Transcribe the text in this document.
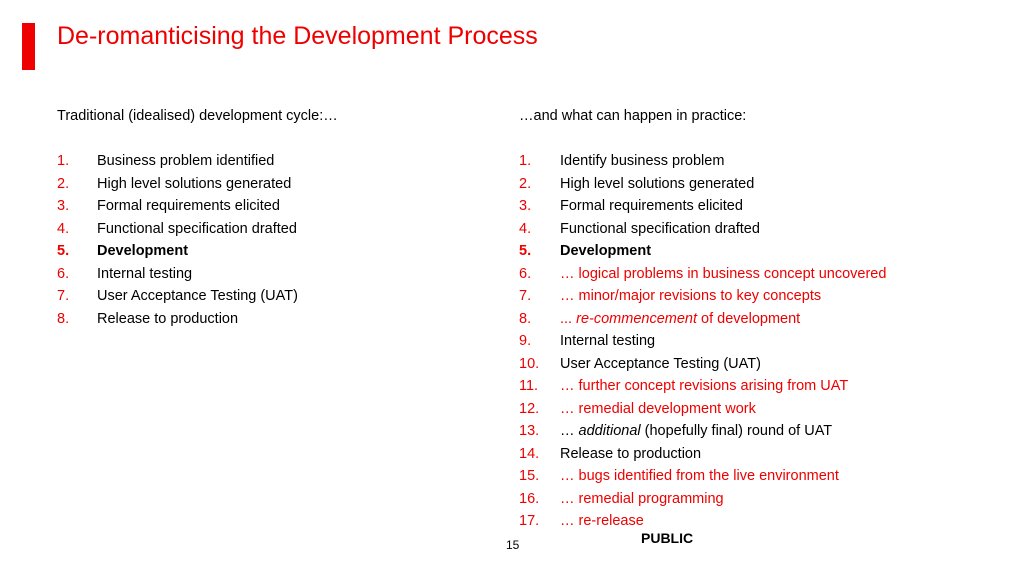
De-romanticising the Development Process
Traditional (idealised) development cycle:…
1. Business problem identified
2. High level solutions generated
3. Formal requirements elicited
4. Functional specification drafted
5. Development
6. Internal testing
7. User Acceptance Testing (UAT)
8. Release to production
…and what can happen in practice:
1. Identify business problem
2. High level solutions generated
3. Formal requirements elicited
4. Functional specification drafted
5. Development
6. … logical problems in business concept uncovered
7. … minor/major revisions to key concepts
8. ... re-commencement of development
9. Internal testing
10. User Acceptance Testing (UAT)
11. … further concept revisions arising from UAT
12. … remedial development work
13. … additional (hopefully final) round of UAT
14. Release to production
15. … bugs identified from the live environment
16. … remedial programming
17. … re-release
15	PUBLIC
